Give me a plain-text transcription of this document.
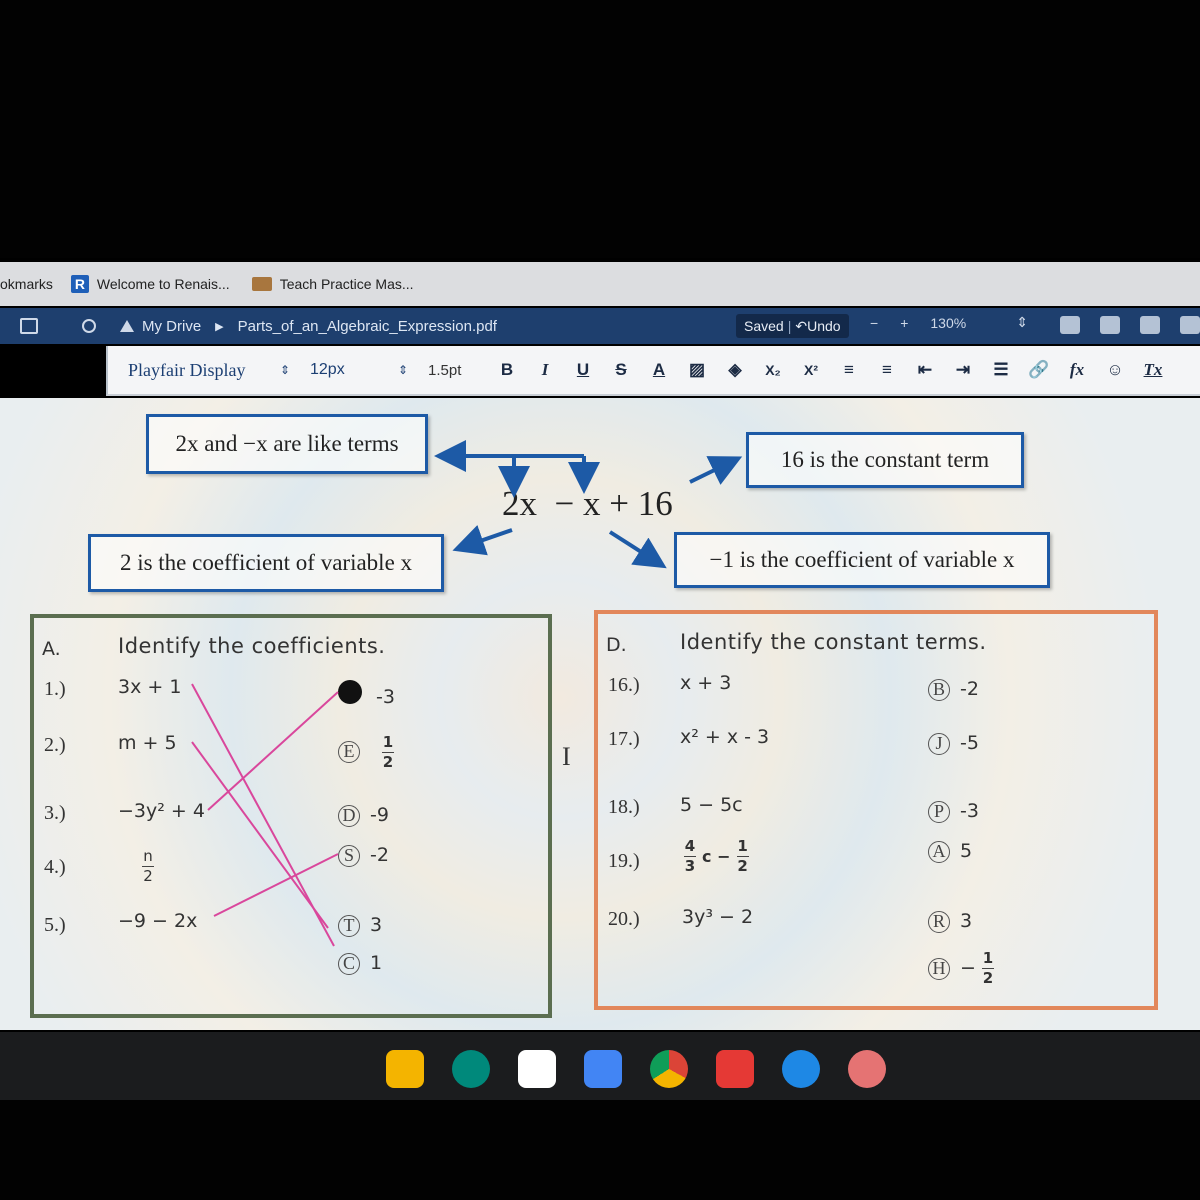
okmarks R Welcome to Renais...	Teach Practice Mas...
My Drive ▶ Parts_of_an_Algebraic_Expression.pdf	Saved | ↶ Undo − + 130%	⇕
Playfair Display	⇕	12px	⇕	1.5pt	B	I	U	S	A	▨	◈	X₂	X²	≡	≡	⇤	⇥	☰	🔗	fx	☺	Tx
2x and −x are like terms
16 is the constant term
2 is the coefficient of variable x	−1 is the coefficient of variable x
2x  − x + 16
A.	Identify the coefficients.
1.)	3x + 1
2.)	m + 5
3.)	−3y² + 4
4.)	n
2
5.)	−9 − 2x
-3
E	1
2
D -9
S -2
T 3
C 1
I
D.	Identify the constant terms.
16.) x + 3
17.) x² + x - 3
18.) 5 − 5c
19.)	$\frac{4}{3}$ $c - \frac{1}{2}$
20.) 3y³ − 2
B -2
J -5
P -3
A 5
R 3
$H - \frac{1}{2}$
